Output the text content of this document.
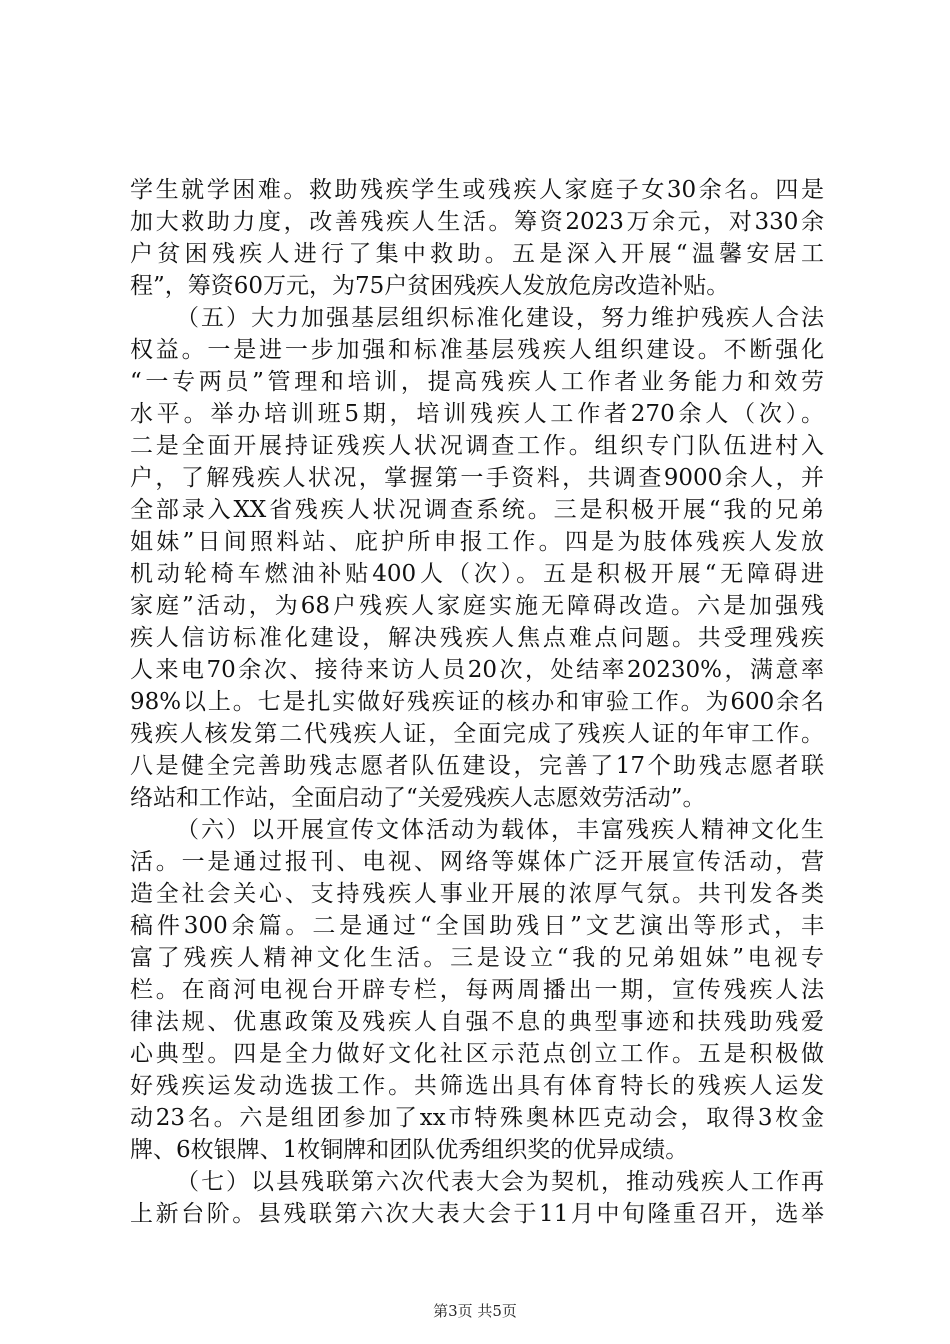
学生就学困难。救助残疾学生或残疾人家庭子女30余名。四是
加大救助力度，改善残疾人生活。筹资2023万余元，对330余
户贫困残疾人进行了集中救助。五是深入开展“温馨安居工
程”，筹资60万元，为75户贫困残疾人发放危房改造补贴。
（五）大力加强基层组织标准化建设，努力维护残疾人合法
权益。一是进一步加强和标准基层残疾人组织建设。不断强化
“一专两员”管理和培训，提高残疾人工作者业务能力和效劳
水平。举办培训班5期，培训残疾人工作者270余人（次）。
二是全面开展持证残疾人状况调查工作。组织专门队伍进村入
户，了解残疾人状况，掌握第一手资料，共调查9000余人，并
全部录入XX省残疾人状况调查系统。三是积极开展“我的兄弟
姐妹”日间照料站、庇护所申报工作。四是为肢体残疾人发放
机动轮椅车燃油补贴400人（次）。五是积极开展“无障碍进
家庭”活动，为68户残疾人家庭实施无障碍改造。六是加强残
疾人信访标准化建设，解决残疾人焦点难点问题。共受理残疾
人来电70余次、接待来访人员20次，处结率20230%，满意率
98%以上。七是扎实做好残疾证的核办和审验工作。为600余名
残疾人核发第二代残疾人证，全面完成了残疾人证的年审工作。
八是健全完善助残志愿者队伍建设，完善了17个助残志愿者联
络站和工作站，全面启动了“关爱残疾人志愿效劳活动”。
（六）以开展宣传文体活动为载体，丰富残疾人精神文化生
活。一是通过报刊、电视、网络等媒体广泛开展宣传活动，营
造全社会关心、支持残疾人事业开展的浓厚气氛。共刊发各类
稿件300余篇。二是通过“全国助残日”文艺演出等形式，丰
富了残疾人精神文化生活。三是设立“我的兄弟姐妹”电视专
栏。在商河电视台开辟专栏，每两周播出一期，宣传残疾人法
律法规、优惠政策及残疾人自强不息的典型事迹和扶残助残爱
心典型。四是全力做好文化社区示范点创立工作。五是积极做
好残疾运发动选拔工作。共筛选出具有体育特长的残疾人运发
动23名。六是组团参加了xx市特殊奥林匹克动会，取得3枚金
牌、6枚银牌、1枚铜牌和团队优秀组织奖的优异成绩。
（七）以县残联第六次代表大会为契机，推动残疾人工作再
上新台阶。县残联第六次大表大会于11月中旬隆重召开，选举
第3页 共5页
